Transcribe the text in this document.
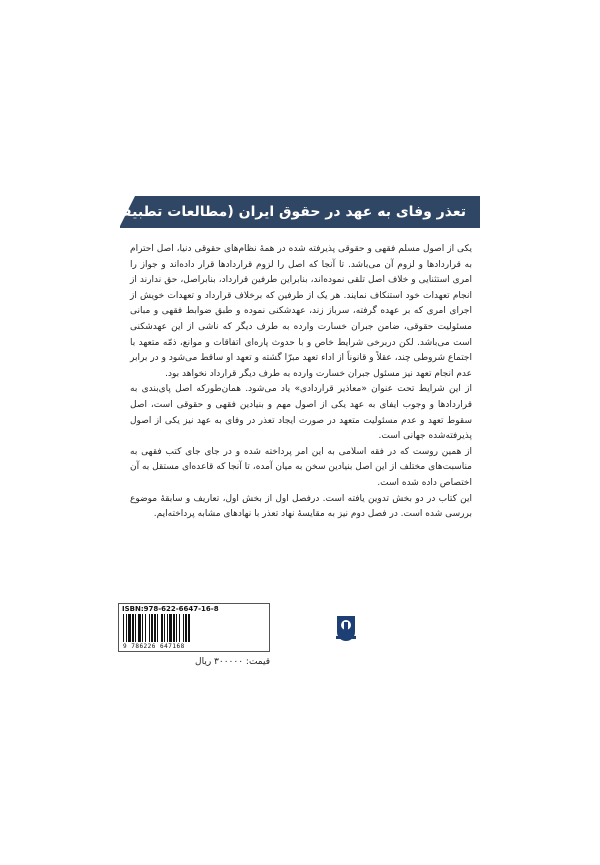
تعذر وفای به عهد در حقوق ایران (مطالعات تطبیقی)

یکی از اصول مسلم فقهی و حقوقی پذیرفته شده در همهٔ نظام‌های حقوقی دنیا، اصل احترام به قراردادها و لزوم آن می‌باشد. تا آنجا که اصل را لزوم قراردادها قرار داده‌اند و جواز را امری استثنایی و خلاف اصل تلقی نموده‌اند، بنابراین طرفین قرارداد، بنابراصل، حق ندارند از انجام تعهدات خود استنکاف نمایند. هر یک از طرفین که برخلاف قرارداد و تعهدات خویش از اجرای امری که بر عهده گرفته، سرباز زند، عهدشکنی نموده و طبق ضوابط فقهی و مبانی مسئولیت حقوقی، ضامن جبران خسارت وارده به طرف دیگر که ناشی از این عهدشکنی است می‌باشد. لکن دربرخی شرایط خاص و با حدوث پاره‌ای اتفاقات و موانع، ذمّه متعهد با اجتماع شروطی چند، عقلاً و قانوناً از اداء تعهد مبرّا گشته و تعهد او ساقط می‌شود و در برابر عدم انجام تعهد نیز مسئول جبران خسارت وارده به طرف دیگر قرارداد نخواهد بود.

از این شرایط تحت عنوان «معاذیر قراردادی» یاد می‌شود. همان‌طورکه اصل پای‌بندی به قراردادها و وجوب ایفای به عهد یکی از اصول مهم و بنیادین فقهی و حقوقی است، اصل سقوط تعهد و عدم مسئولیت متعهد در صورت ایجاد تعذر در وفای به عهد نیز یکی از اصول پذیرفته‌شده جهانی است.

از همین روست که در فقه اسلامی به این امر پرداخته شده و در جای جای کتب فقهی به مناسبت‌های مختلف از این اصل بنیادین سخن به میان آمده، تا آنجا که قاعده‌ای مستقل به آن اختصاص داده شده است.

این کتاب در دو بخش تدوین یافته است. درفصل اول از بخش اول، تعاریف و سابقهٔ موضوع بررسی شده است. در فصل دوم نیز به مقایسهٔ نهاد تعذر با نهادهای مشابه پرداخته‌ایم.

ISBN:978-622-6647-16-8
9 786226 647168
قیمت: ۳۰۰۰۰۰ ریال
